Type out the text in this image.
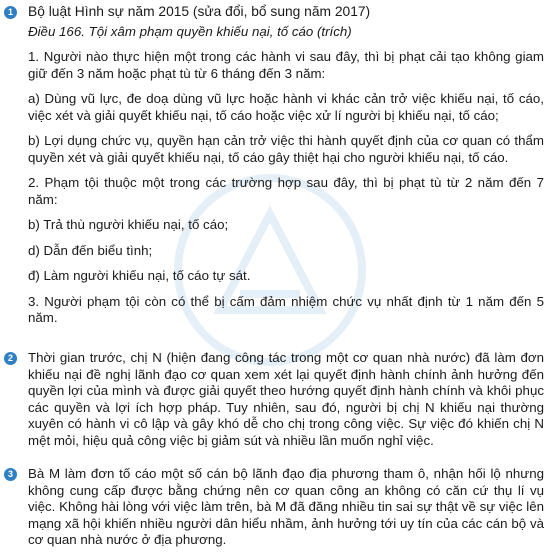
1 Bộ luật Hình sự năm 2015 (sửa đổi, bổ sung năm 2017)

Điều 166. Tội xâm phạm quyền khiếu nại, tố cáo (trích)

1. Người nào thực hiện một trong các hành vi sau đây, thì bị phạt cải tạo không giam giữ đến 3 năm hoặc phạt tù từ 6 tháng đến 3 năm:

a) Dùng vũ lực, đe doạ dùng vũ lực hoặc hành vi khác cản trở việc khiếu nại, tố cáo, việc xét và giải quyết khiếu nại, tố cáo hoặc việc xử lí người bị khiếu nại, tố cáo;

b) Lợi dụng chức vụ, quyền hạn cản trở việc thi hành quyết định của cơ quan có thẩm quyền xét và giải quyết khiếu nại, tố cáo gây thiệt hại cho người khiếu nại, tố cáo.

2. Phạm tội thuộc một trong các trường hợp sau đây, thì bị phạt tù từ 2 năm đến 7 năm:

b) Trả thù người khiếu nại, tố cáo;

d) Dẫn đến biểu tình;

đ) Làm người khiếu nại, tố cáo tự sát.

3. Người phạm tội còn có thể bị cấm đảm nhiệm chức vụ nhất định từ 1 năm đến 5 năm.

2	Thời gian trước, chị N (hiện đang công tác trong một cơ quan nhà nước) đã làm đơn khiếu nại đề nghị lãnh đạo cơ quan xem xét lại quyết định hành chính ảnh hưởng đến quyền lợi của mình và được giải quyết theo hướng quyết định hành chính và khôi phục các quyền và lợi ích hợp pháp. Tuy nhiên, sau đó, người bị chị N khiếu nại thường xuyên có hành vi cô lập và gây khó dễ cho chị trong công việc. Sự việc đó khiến chị N mệt mỏi, hiệu quả công việc bị giảm sút và nhiều lần muốn nghỉ việc.

3	Bà M làm đơn tố cáo một số cán bộ lãnh đạo địa phương tham ô, nhận hối lộ nhưng không cung cấp được bằng chứng nên cơ quan công an không có căn cứ thụ lí vụ việc. Không hài lòng với việc làm trên, bà M đã đăng nhiều tin sai sự thật về sự việc lên mạng xã hội khiến nhiều người dân hiểu nhầm, ảnh hưởng tới uy tín của các cán bộ và cơ quan nhà nước ở địa phương.
